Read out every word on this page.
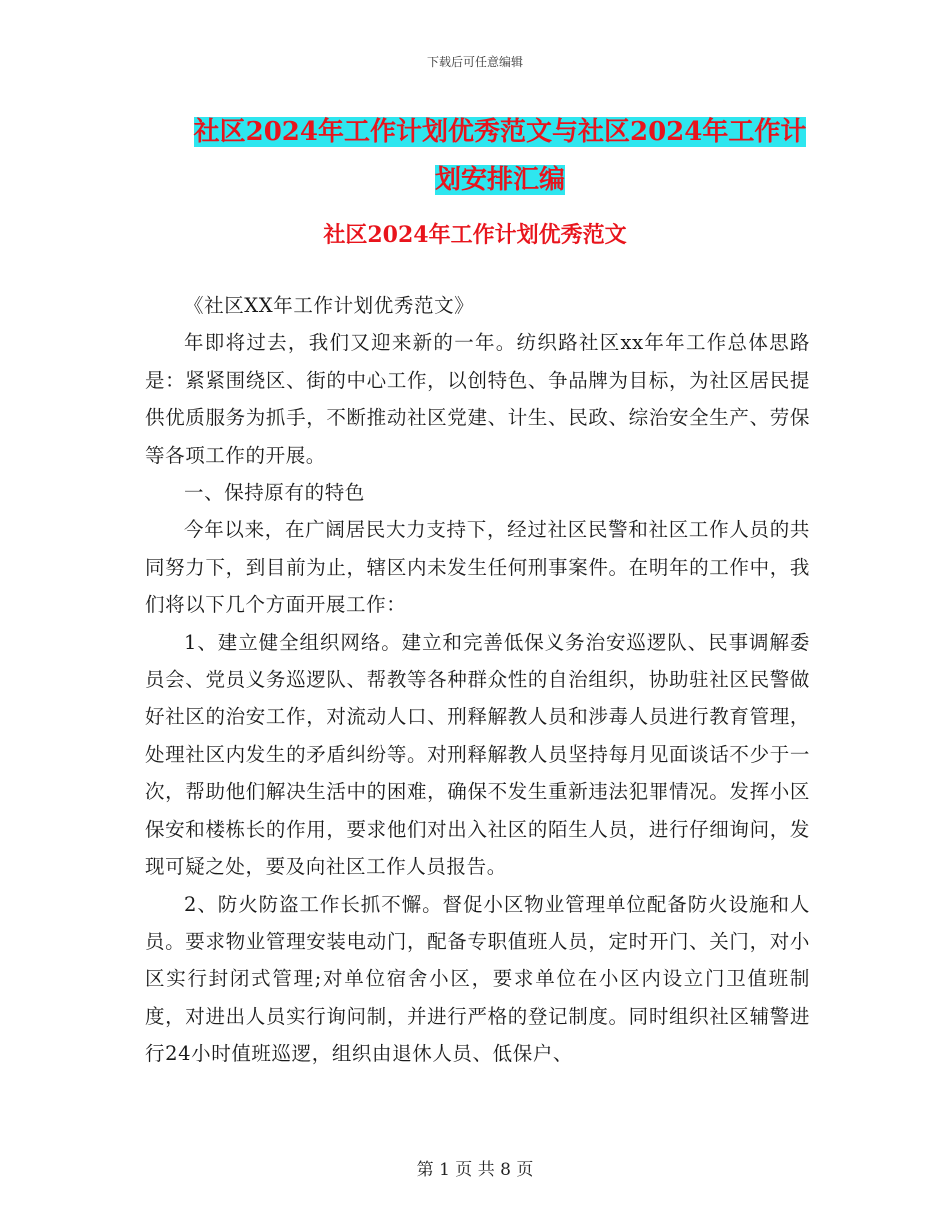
下载后可任意编辑
社区2024年工作计划优秀范文与社区2024年工作计
划安排汇编
社区2024年工作计划优秀范文

《社区XX年工作计划优秀范文》

年即将过去，我们又迎来新的一年。纺织路社区xx年年工作总体思路是：紧紧围绕区、街的中心工作，以创特色、争品牌为目标，为社区居民提供优质服务为抓手，不断推动社区党建、计生、民政、综治安全生产、劳保等各项工作的开展。

一、保持原有的特色

今年以来，在广阔居民大力支持下，经过社区民警和社区工作人员的共同努力下，到目前为止，辖区内未发生任何刑事案件。在明年的工作中，我们将以下几个方面开展工作：

1、建立健全组织网络。建立和完善低保义务治安巡逻队、民事调解委员会、党员义务巡逻队、帮教等各种群众性的自治组织，协助驻社区民警做好社区的治安工作，对流动人口、刑释解教人员和涉毒人员进行教育管理，处理社区内发生的矛盾纠纷等。对刑释解教人员坚持每月见面谈话不少于一次，帮助他们解决生活中的困难，确保不发生重新违法犯罪情况。发挥小区保安和楼栋长的作用，要求他们对出入社区的陌生人员，进行仔细询问，发现可疑之处，要及向社区工作人员报告。

2、防火防盗工作长抓不懈。督促小区物业管理单位配备防火设施和人员。要求物业管理安装电动门，配备专职值班人员，定时开门、关门，对小区实行封闭式管理;对单位宿舍小区，要求单位在小区内设立门卫值班制度，对进出人员实行询问制，并进行严格的登记制度。同时组织社区辅警进行24小时值班巡逻，组织由退休人员、低保户、

第 1 页 共 8 页
